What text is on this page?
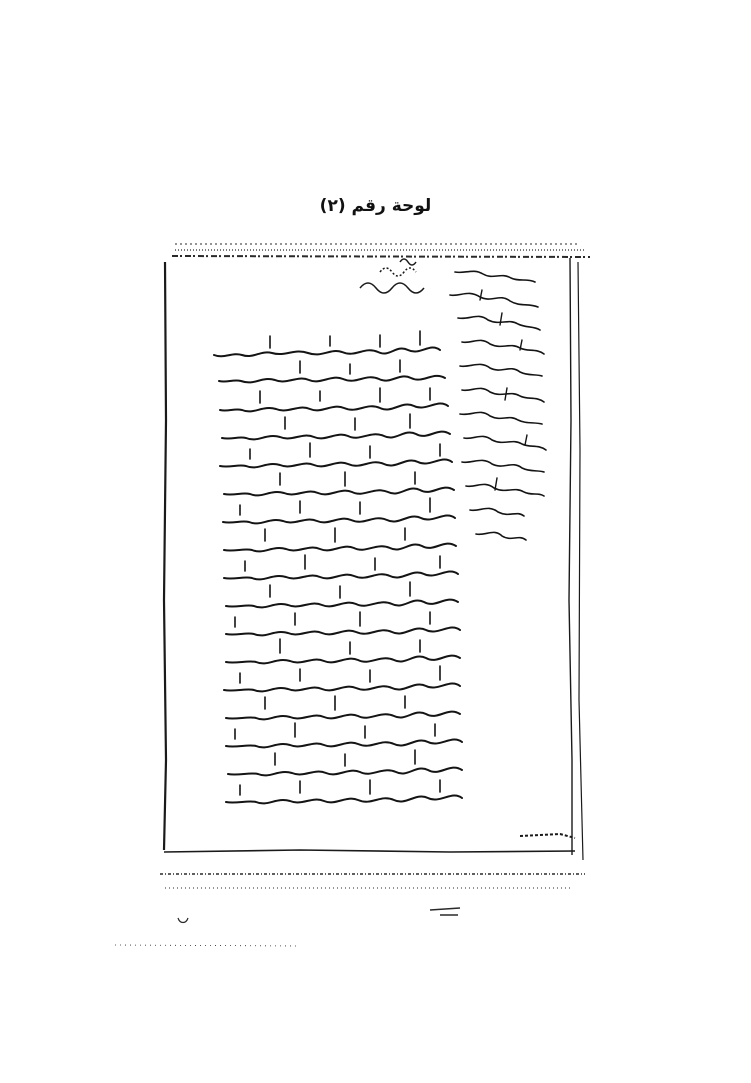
لوحة رقم (٢)
